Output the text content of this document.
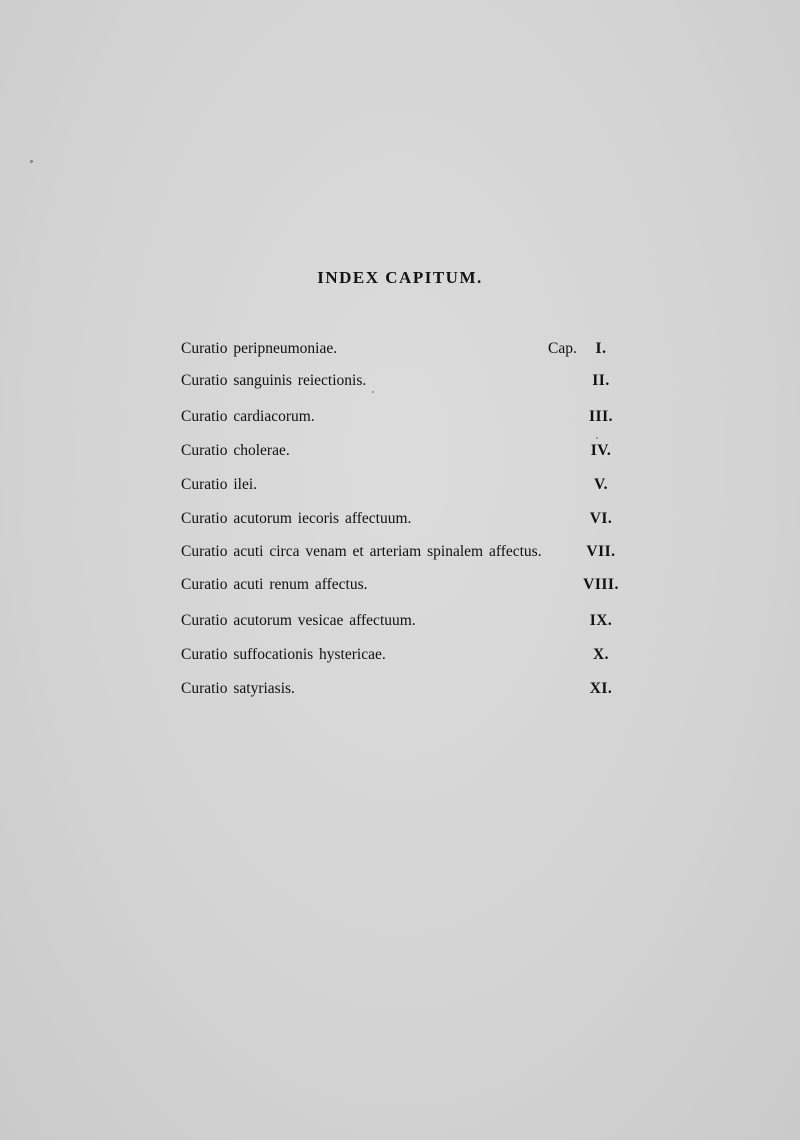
INDEX CAPITUM.
Curatio peripneumoniae.	Cap.	I.
Curatio sanguinis reiectionis.	II.
Curatio cardiacorum.	III.
Curatio cholerae.	IV.
Curatio ilei.	V.
Curatio acutorum iecoris affectuum.	VI.
Curatio acuti circa venam et arteriam spinalem affectus.	VII.
Curatio acuti renum affectus.	VIII.
Curatio acutorum vesicae affectuum.	IX.
Curatio suffocationis hystericae.	X.
Curatio satyriasis.	XI.
